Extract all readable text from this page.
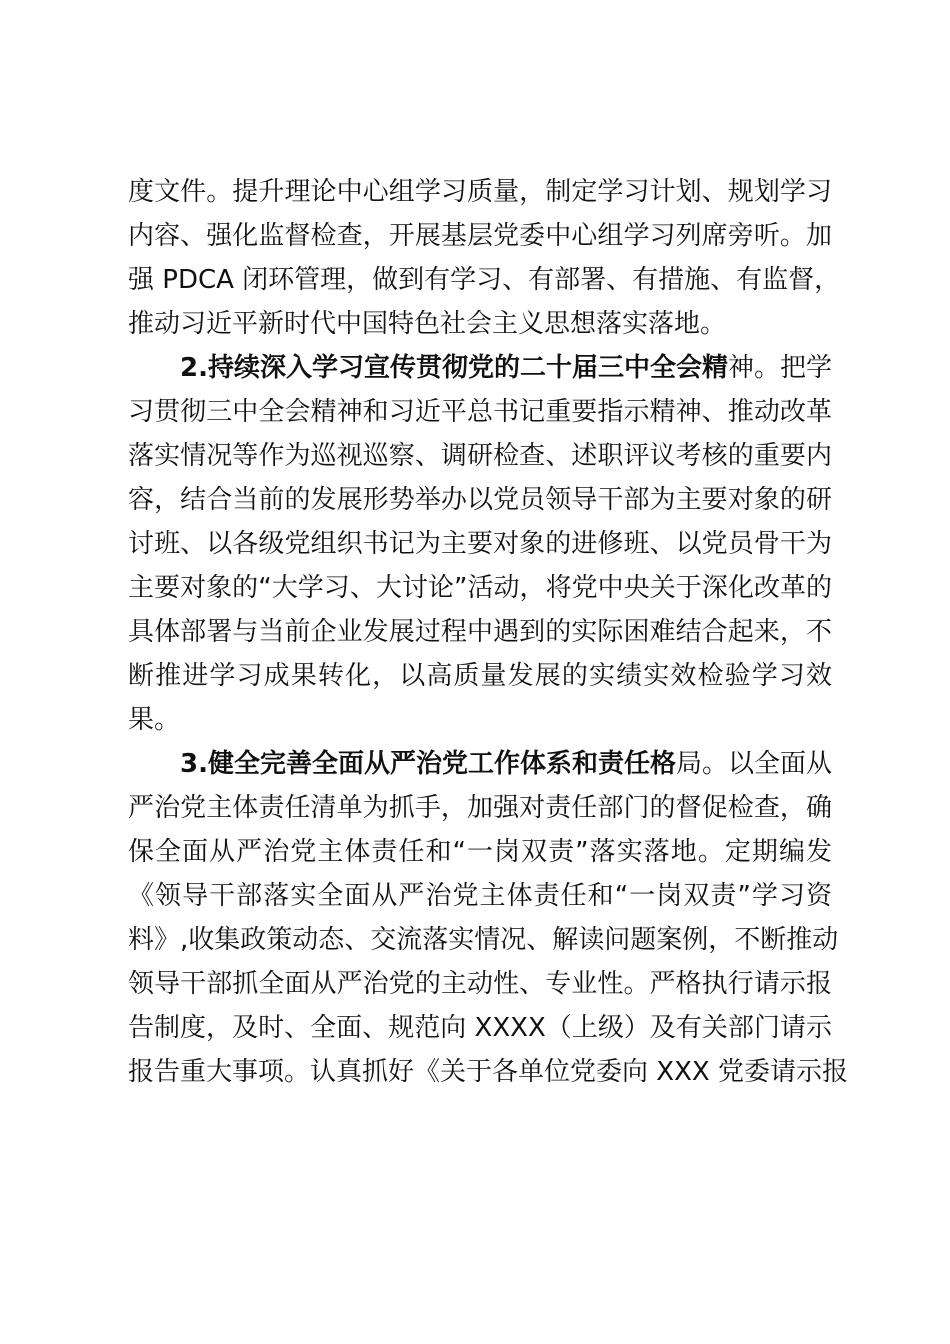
度文件。提升理论中心组学习质量，制定学习计划、规划学习
内容、强化监督检查，开展基层党委中心组学习列席旁听。加
强 PDCA 闭环管理，做到有学习、有部署、有措施、有监督，
推动习近平新时代中国特色社会主义思想落实落地。
2.持续深入学习宣传贯彻党的二十届三中全会精神。把学
习贯彻三中全会精神和习近平总书记重要指示精神、推动改革
落实情况等作为巡视巡察、调研检查、述职评议考核的重要内
容，结合当前的发展形势举办以党员领导干部为主要对象的研
讨班、以各级党组织书记为主要对象的进修班、以党员骨干为
主要对象的“大学习、大讨论”活动，将党中央关于深化改革的
具体部署与当前企业发展过程中遇到的实际困难结合起来，不
断推进学习成果转化，以高质量发展的实绩实效检验学习效
果。
3.健全完善全面从严治党工作体系和责任格局。以全面从
严治党主体责任清单为抓手，加强对责任部门的督促检查，确
保全面从严治党主体责任和“一岗双责”落实落地。定期编发
《领导干部落实全面从严治党主体责任和“一岗双责”学习资
料》,收集政策动态、交流落实情况、解读问题案例，不断推动
领导干部抓全面从严治党的主动性、专业性。严格执行请示报
告制度，及时、全面、规范向 XXXX（上级）及有关部门请示
报告重大事项。认真抓好《关于各单位党委向 XXX 党委请示报
